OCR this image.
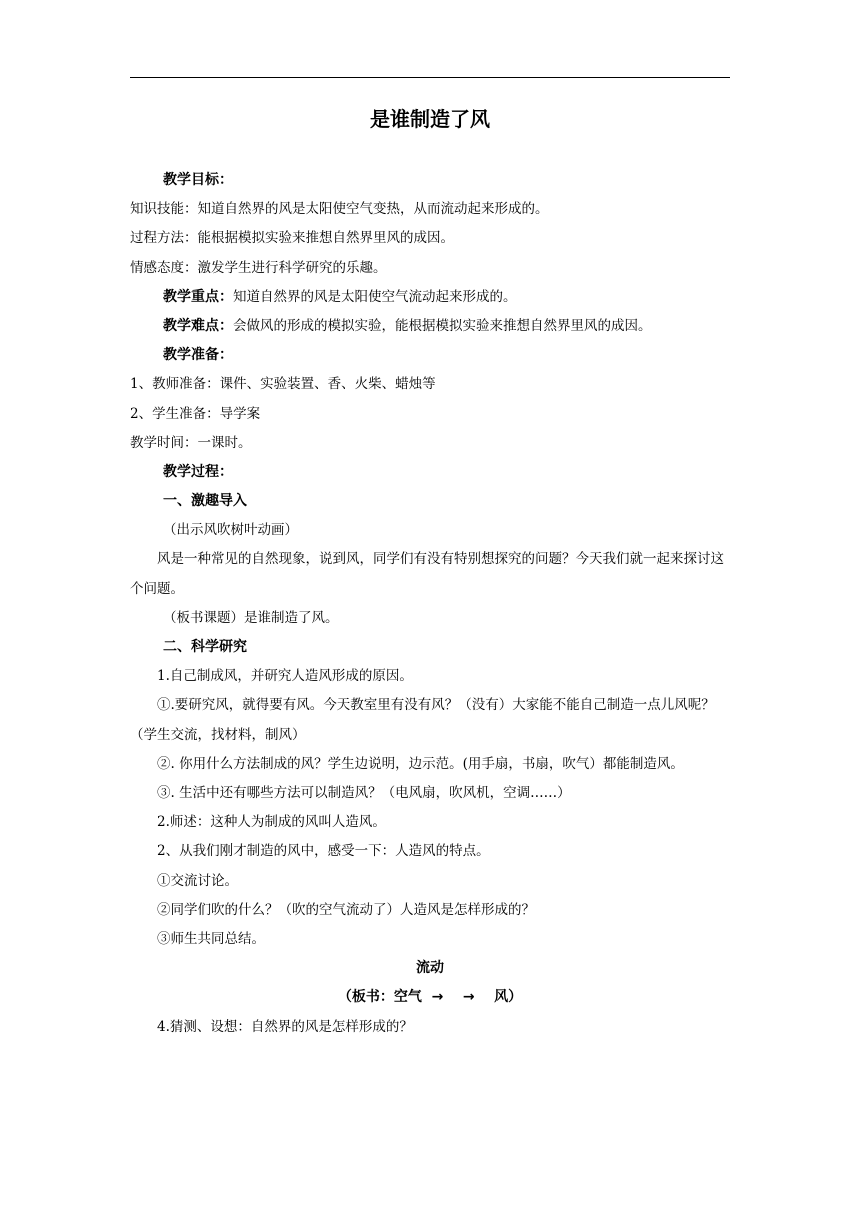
是谁制造了风
教学目标：
知识技能：知道自然界的风是太阳使空气变热，从而流动起来形成的。
过程方法：能根据模拟实验来推想自然界里风的成因。
情感态度：激发学生进行科学研究的乐趣。
教学重点：知道自然界的风是太阳使空气流动起来形成的。
教学难点：会做风的形成的模拟实验，能根据模拟实验来推想自然界里风的成因。
教学准备：
1、教师准备：课件、实验装置、香、火柴、蜡烛等
2、学生准备：导学案
教学时间：一课时。
教学过程：
一、激趣导入
（出示风吹树叶动画）
风是一种常见的自然现象，说到风，同学们有没有特别想探究的问题？今天我们就一起来探讨这个问题。
（板书课题）是谁制造了风。
二、科学研究
1.自己制成风，并研究人造风形成的原因。
①.要研究风，就得要有风。今天教室里有没有风？（没有）大家能不能自己制造一点儿风呢？（学生交流，找材料，制风）
②. 你用什么方法制成的风？学生边说明，边示范。(用手扇，书扇，吹气）都能制造风。
③. 生活中还有哪些方法可以制造风？（电风扇，吹风机，空调……）
2.师述：这种人为制成的风叫人造风。
2、从我们刚才制造的风中，感受一下：人造风的特点。
①交流讨论。
②同学们吹的什么？（吹的空气流动了）人造风是怎样形成的？
③师生共同总结。
流动
（板书：空气  →    →    风）
4.猜测、设想：自然界的风是怎样形成的？
